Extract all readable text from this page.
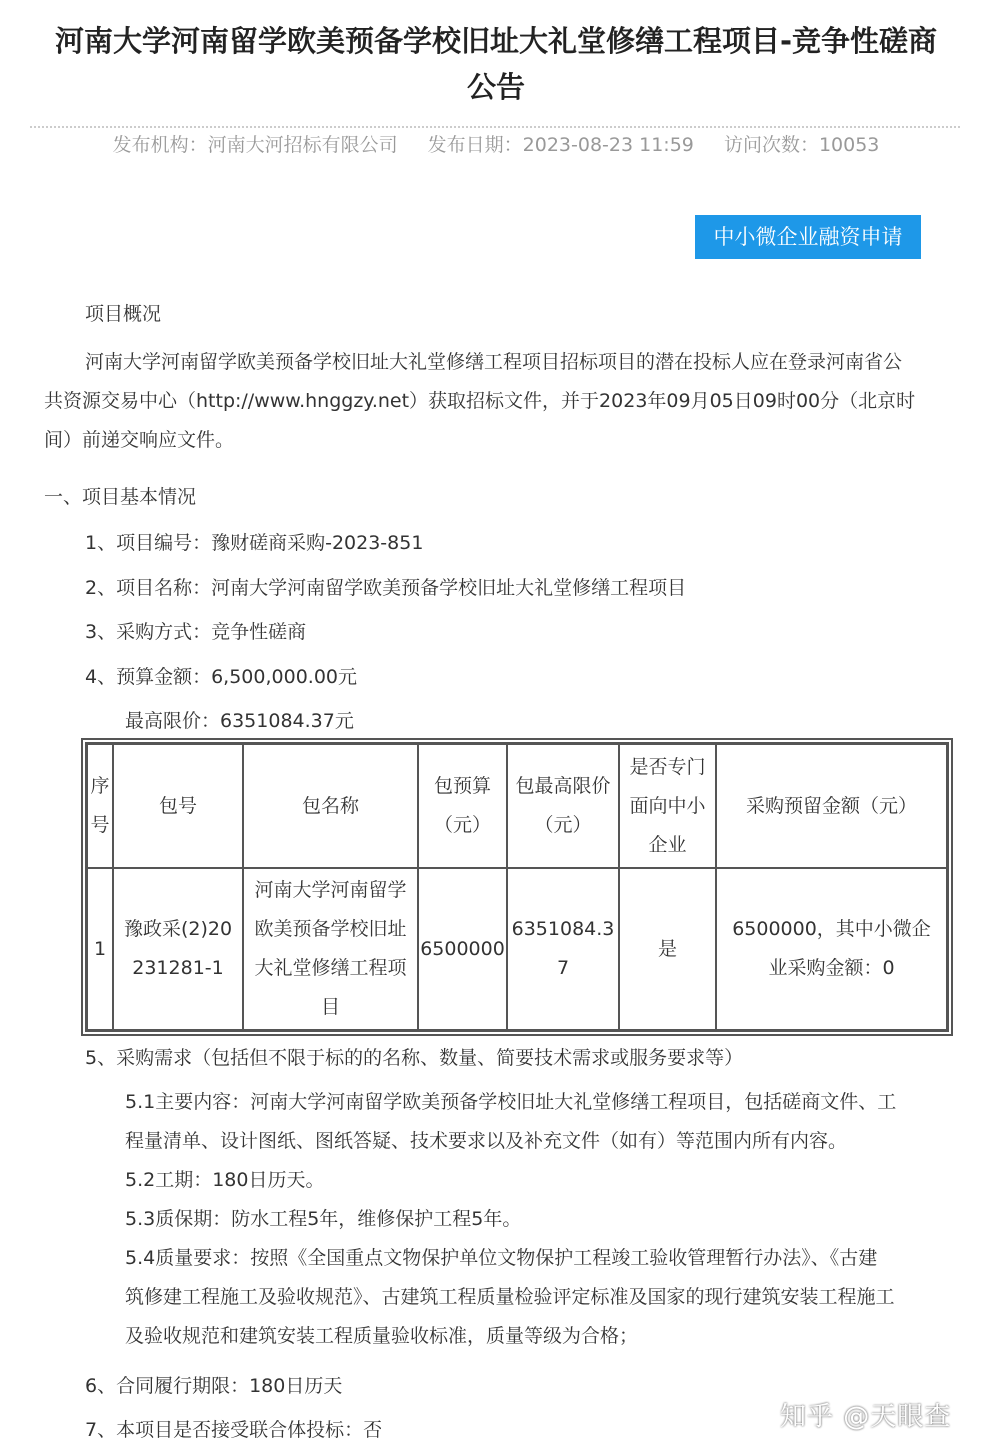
河南大学河南留学欧美预备学校旧址大礼堂修缮工程项目-竞争性磋商
公告
发布机构：河南大河招标有限公司 发布日期：2023-08-23 11:59 访问次数：10053
中小微企业融资申请
项目概况
河南大学河南留学欧美预备学校旧址大礼堂修缮工程项目招标项目的潜在投标人应在登录河南省公
共资源交易中心（http://www.hnggzy.net）获取招标文件，并于2023年09月05日09时00分（北京时
间）前递交响应文件。
一、项目基本情况
1、项目编号：豫财磋商采购-2023-851
2、项目名称：河南大学河南留学欧美预备学校旧址大礼堂修缮工程项目
3、采购方式：竞争性磋商
4、预算金额：6,500,000.00元
最高限价：6351084.37元
序号	包号	包名称	包预算（元）	包最高限价（元）	是否专门面向中小企业	采购预留金额（元）
1	豫政采(2)20231281-1	河南大学河南留学欧美预备学校旧址大礼堂修缮工程项目	6500000	6351084.37	是	6500000，其中小微企业采购金额：0
5、采购需求（包括但不限于标的的名称、数量、简要技术需求或服务要求等）
5.1主要内容：河南大学河南留学欧美预备学校旧址大礼堂修缮工程项目，包括磋商文件、工
程量清单、设计图纸、图纸答疑、技术要求以及补充文件（如有）等范围内所有内容。
5.2工期：180日历天。
5.3质保期：防水工程5年，维修保护工程5年。
5.4质量要求：按照《全国重点文物保护单位文物保护工程竣工验收管理暂行办法》、《古建
筑修建工程施工及验收规范》、古建筑工程质量检验评定标准及国家的现行建筑安装工程施工
及验收规范和建筑安装工程质量验收标准，质量等级为合格；
6、合同履行期限：180日历天
7、本项目是否接受联合体投标：否	知乎 @天眼查
